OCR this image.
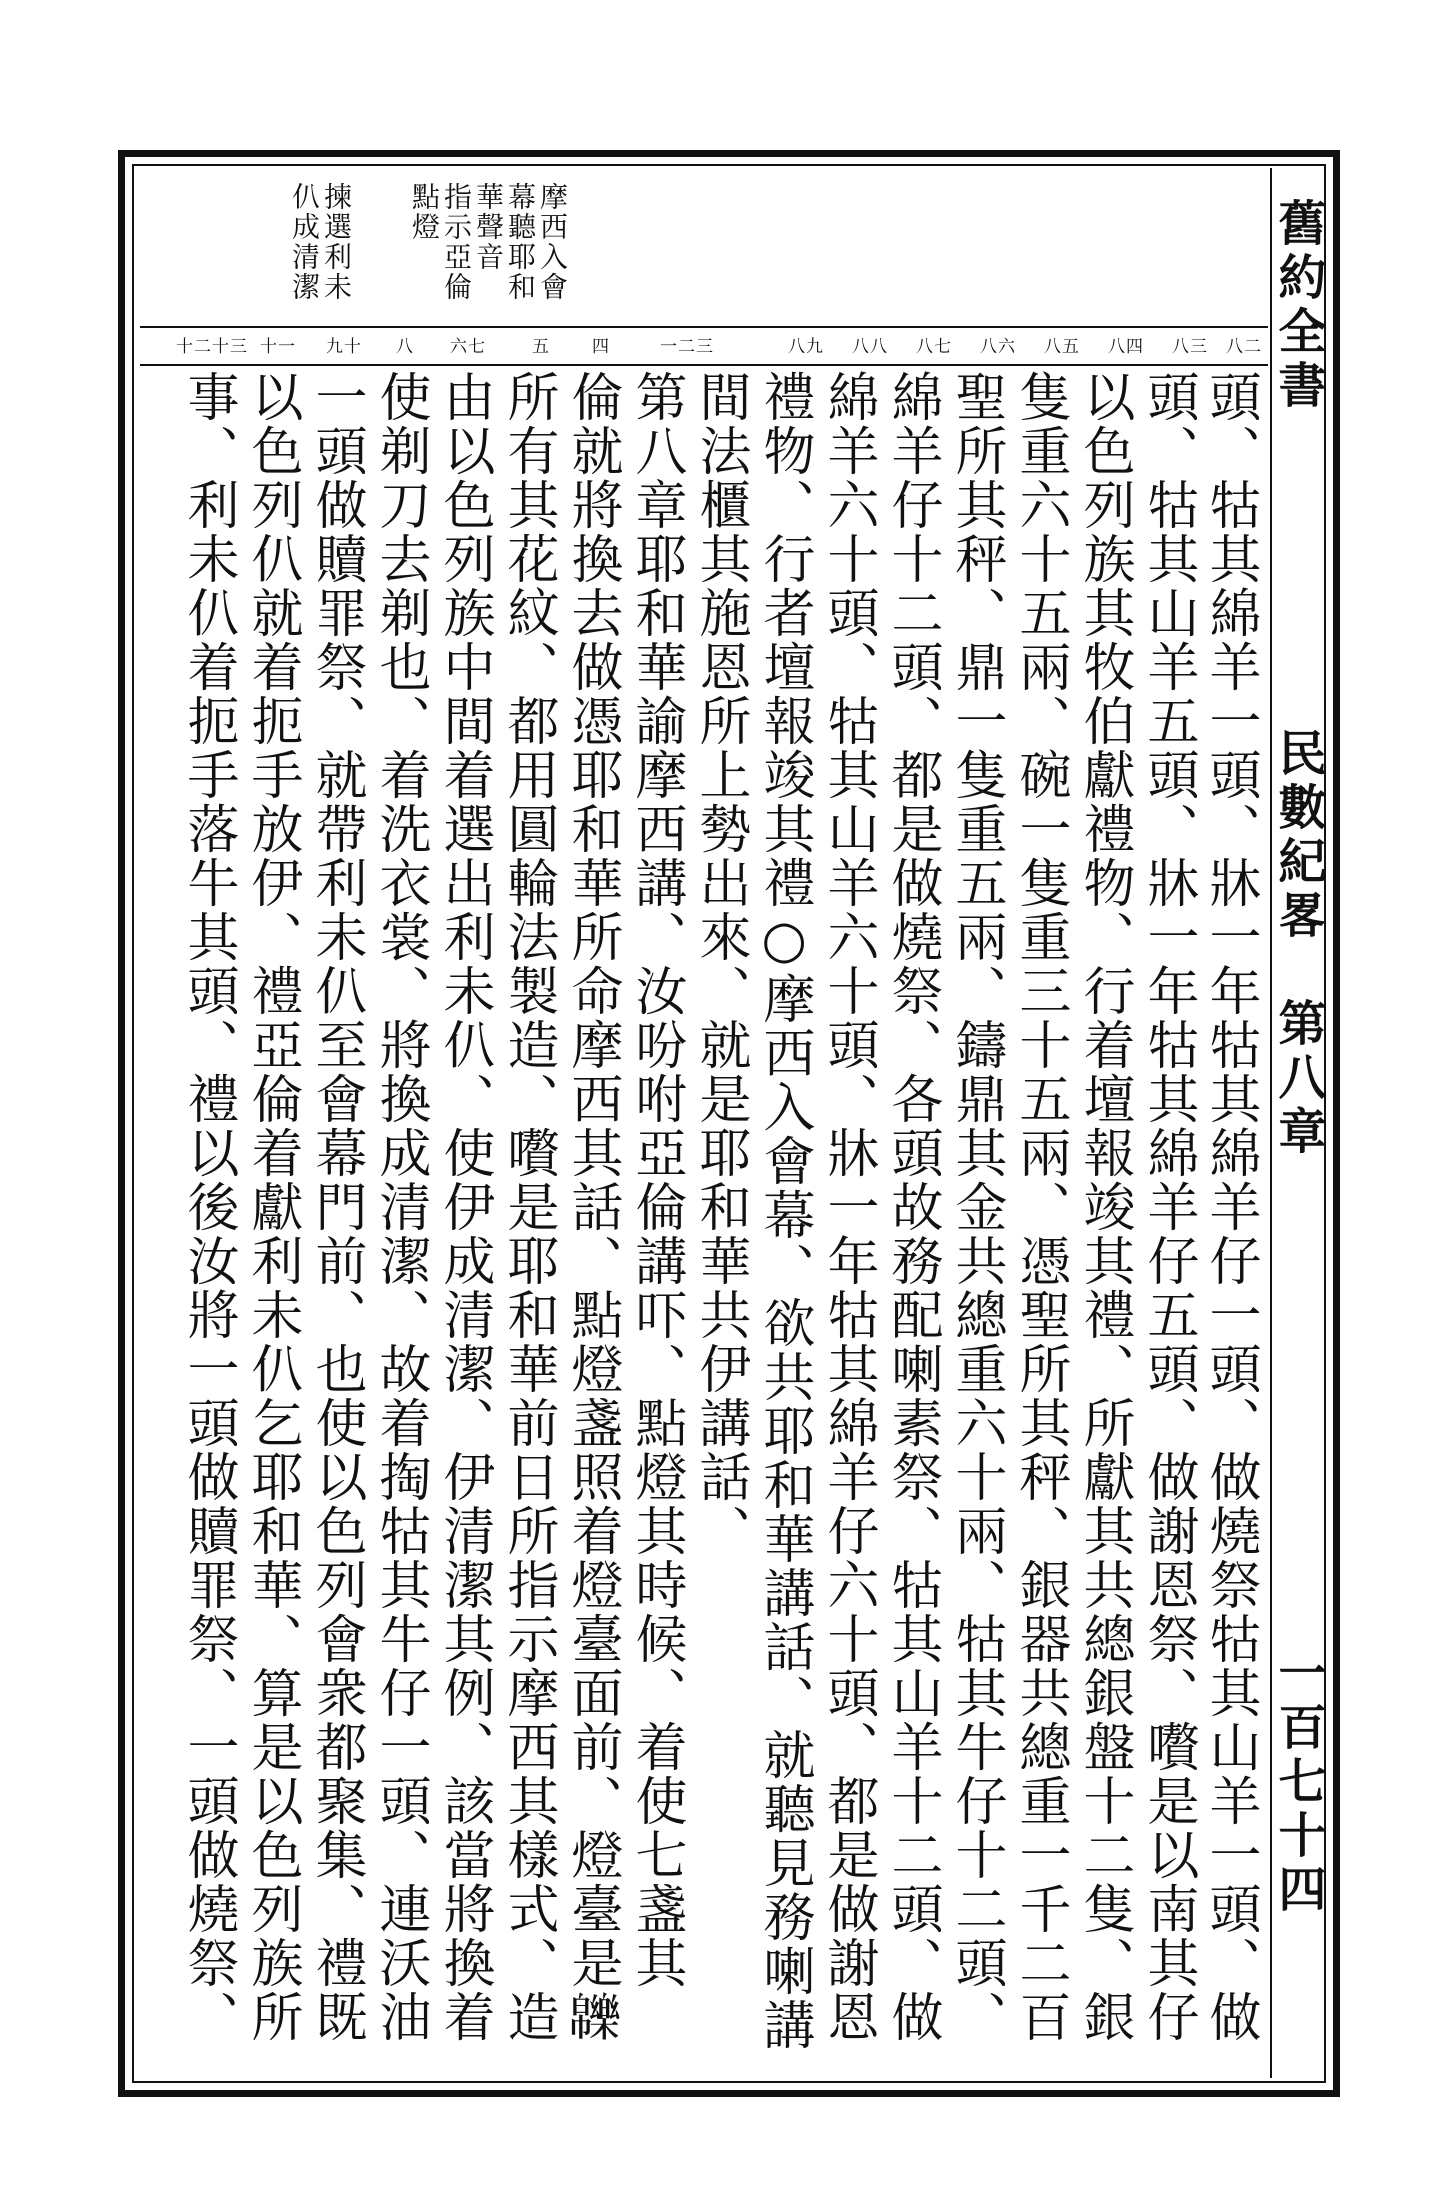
舊約全書
民數紀畧　第八章
一百七十四
摩西入會
幕聽耶和
華聲音
指示亞倫
點燈
揀選利未
仈成清潔
八二
八三
八四
八五
八六
八七
八八
八九
一二三
四
五
六七
八
九十
十一
十二十三
頭、牯其綿羊一頭、牀一年牯其綿羊仔一頭、做燒祭牯其山羊一頭、做
頭、牯其山羊五頭、牀一年牯其綿羊仔五頭、做謝恩祭、嚽是以南其仔
以色列族其牧伯獻禮物、行着壇報竣其禮、所獻其共總銀盤十二隻、銀
隻重六十五兩、碗一隻重三十五兩、憑聖所其秤、銀器共總重一千二百
聖所其秤、鼎一隻重五兩、鑄鼎其金共總重六十兩、牯其牛仔十二頭、
綿羊仔十二頭、都是做燒祭、各頭故務配喇素祭、牯其山羊十二頭、做
綿羊六十頭、牯其山羊六十頭、牀一年牯其綿羊仔六十頭、都是做謝恩
禮物、行者壇報竣其禮○摩西入會幕、欲共耶和華講話、就聽見務喇講
間法櫃其施恩所上勢出來、就是耶和華共伊講話、
第八章耶和華諭摩西講、汝吩咐亞倫講吓、點燈其時候、着使七盞其
倫就將換去做憑耶和華所命摩西其話、點燈盞照着燈臺面前、燈臺是𤾾
所有其花紋、都用圓輪法製造、嚽是耶和華前日所指示摩西其樣式、造
由以色列族中間着選出利未仈、使伊成清潔、伊清潔其例、該當將換着
使剃刀去剃也、着洗衣裳、將換成清潔、故着掏牯其牛仔一頭、連沃油
一頭做贖罪祭、就帶利未仈至會幕門前、也使以色列會衆都聚集、禮既
以色列仈就着扼手放伊、禮亞倫着獻利未仈乞耶和華、算是以色列族所
事、利未仈着扼手落牛其頭、禮以後汝將一頭做贖罪祭、一頭做燒祭、
